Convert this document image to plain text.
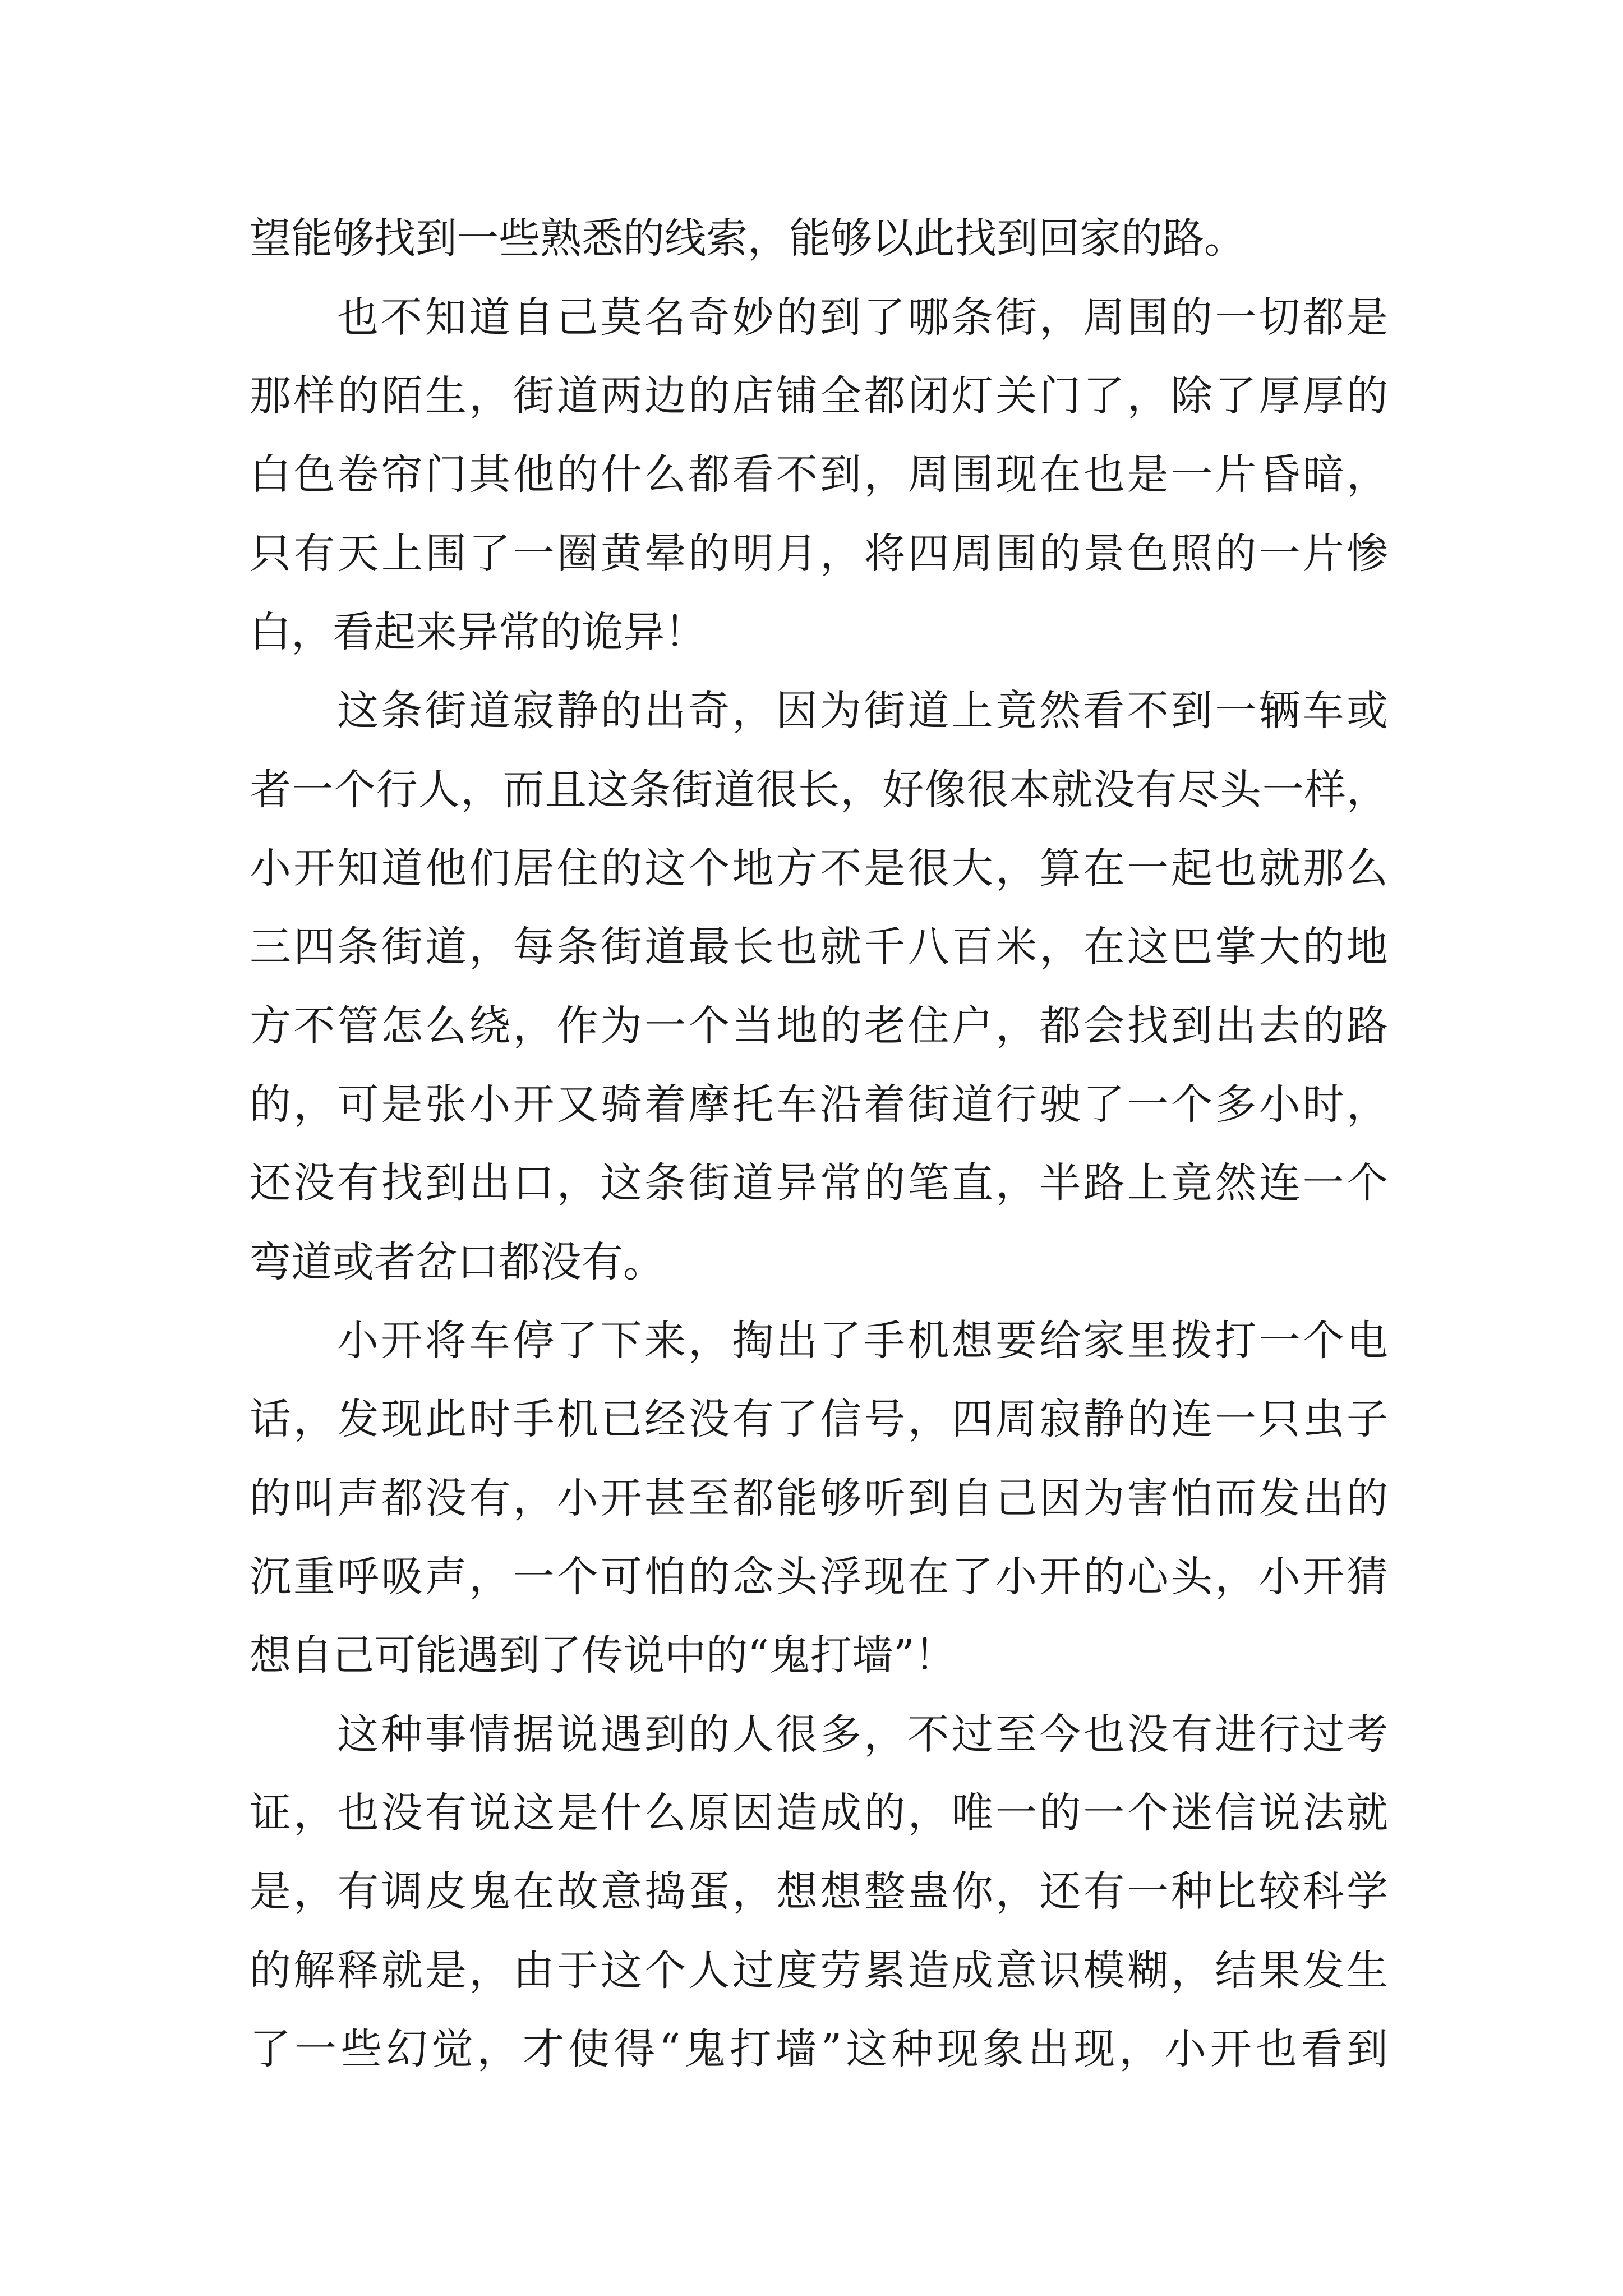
望能够找到一些熟悉的线索，能够以此找到回家的路。
也不知道自己莫名奇妙的到了哪条街，周围的一切都是
那样的陌生，街道两边的店铺全都闭灯关门了，除了厚厚的
白色卷帘门其他的什么都看不到，周围现在也是一片昏暗，
只有天上围了一圈黄晕的明月，将四周围的景色照的一片惨
白，看起来异常的诡异！
这条街道寂静的出奇，因为街道上竟然看不到一辆车或
者一个行人，而且这条街道很长，好像很本就没有尽头一样，
小开知道他们居住的这个地方不是很大，算在一起也就那么
三四条街道，每条街道最长也就千八百米，在这巴掌大的地
方不管怎么绕，作为一个当地的老住户，都会找到出去的路
的，可是张小开又骑着摩托车沿着街道行驶了一个多小时，
还没有找到出口，这条街道异常的笔直，半路上竟然连一个
弯道或者岔口都没有。
小开将车停了下来，掏出了手机想要给家里拨打一个电
话，发现此时手机已经没有了信号，四周寂静的连一只虫子
的叫声都没有，小开甚至都能够听到自己因为害怕而发出的
沉重呼吸声，一个可怕的念头浮现在了小开的心头，小开猜
想自己可能遇到了传说中的“鬼打墙”！
这种事情据说遇到的人很多，不过至今也没有进行过考
证，也没有说这是什么原因造成的，唯一的一个迷信说法就
是，有调皮鬼在故意捣蛋，想想整蛊你，还有一种比较科学
的解释就是，由于这个人过度劳累造成意识模糊，结果发生
了一些幻觉，才使得“鬼打墙”这种现象出现，小开也看到
